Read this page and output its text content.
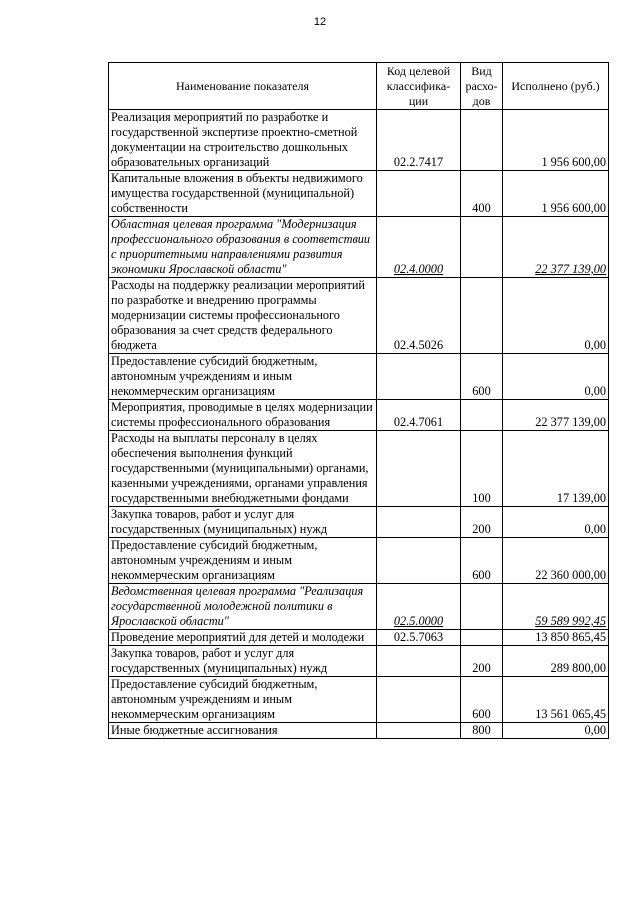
12
Наименование показателя	Код целевой классифика-ции	Вид расхо-дов	Исполнено (руб.)
Реализация мероприятий по разработке и государственной экспертизе проектно-сметной документации на строительство дошкольных образовательных организаций	02.2.7417		1 956 600,00
Капитальные вложения в объекты недвижимого имущества государственной (муниципальной) собственности		400	1 956 600,00
Областная целевая программа "Модернизация профессионального образования в соответствии с приоритетными направлениями развития экономики Ярославской области"	02.4.0000		22 377 139,00
Расходы на поддержку реализации мероприятий по разработке и внедрению программы модернизации системы профессионального образования за счет средств федерального бюджета	02.4.5026		0,00
Предоставление субсидий бюджетным, автономным учреждениям и иным некоммерческим организациям		600	0,00
Мероприятия, проводимые в целях модернизации системы профессионального образования	02.4.7061		22 377 139,00
Расходы на выплаты персоналу в целях обеспечения выполнения функций государственными (муниципальными) органами, казенными учреждениями, органами управления государственными внебюджетными фондами		100	17 139,00
Закупка товаров, работ и услуг для государственных (муниципальных) нужд		200	0,00
Предоставление субсидий бюджетным, автономным учреждениям и иным некоммерческим организациям		600	22 360 000,00
Ведомственная целевая программа "Реализация государственной молодежной политики в Ярославской области"	02.5.0000		59 589 992,45
Проведение мероприятий для детей и молодежи	02.5.7063		13 850 865,45
Закупка товаров, работ и услуг для государственных (муниципальных) нужд		200	289 800,00
Предоставление субсидий бюджетным, автономным учреждениям и иным некоммерческим организациям		600	13 561 065,45
Иные бюджетные ассигнования		800	0,00
